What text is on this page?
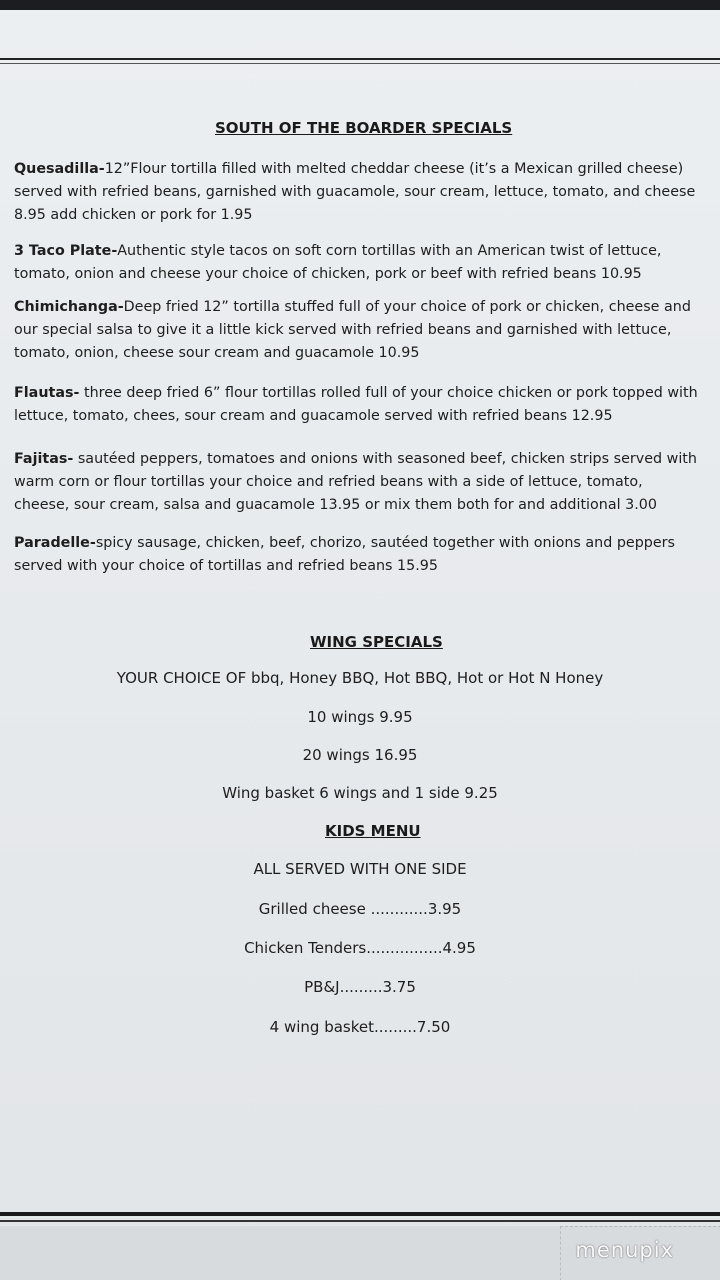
SOUTH OF THE BOARDER SPECIALS
Quesadilla-12”Flour tortilla filled with melted cheddar cheese (it’s a Mexican grilled cheese)
served with refried beans, garnished with guacamole, sour cream, lettuce, tomato, and cheese
8.95 add chicken or pork for 1.95
3 Taco Plate-Authentic style tacos on soft corn tortillas with an American twist of lettuce,
tomato, onion and cheese your choice of chicken, pork or beef with refried beans 10.95
Chimichanga-Deep fried 12” tortilla stuffed full of your choice of pork or chicken, cheese and
our special salsa to give it a little kick served with refried beans and garnished with lettuce,
tomato, onion, cheese sour cream and guacamole 10.95
Flautas- three deep fried 6” flour tortillas rolled full of your choice chicken or pork topped with
lettuce, tomato, chees, sour cream and guacamole served with refried beans 12.95
Fajitas- sautéed peppers, tomatoes and onions with seasoned beef, chicken strips served with
warm corn or flour tortillas your choice and refried beans with a side of lettuce, tomato,
cheese, sour cream, salsa and guacamole 13.95 or mix them both for and additional 3.00
Paradelle-spicy sausage, chicken, beef, chorizo, sautéed together with onions and peppers
served with your choice of tortillas and refried beans 15.95
WING SPECIALS
YOUR CHOICE OF bbq, Honey BBQ, Hot BBQ, Hot or Hot N Honey
10 wings 9.95
20 wings 16.95
Wing basket 6 wings and 1 side 9.25
KIDS MENU
ALL SERVED WITH ONE SIDE
Grilled cheese ............3.95
Chicken Tenders................4.95
PB&J.........3.75
4 wing basket.........7.50
menupix
